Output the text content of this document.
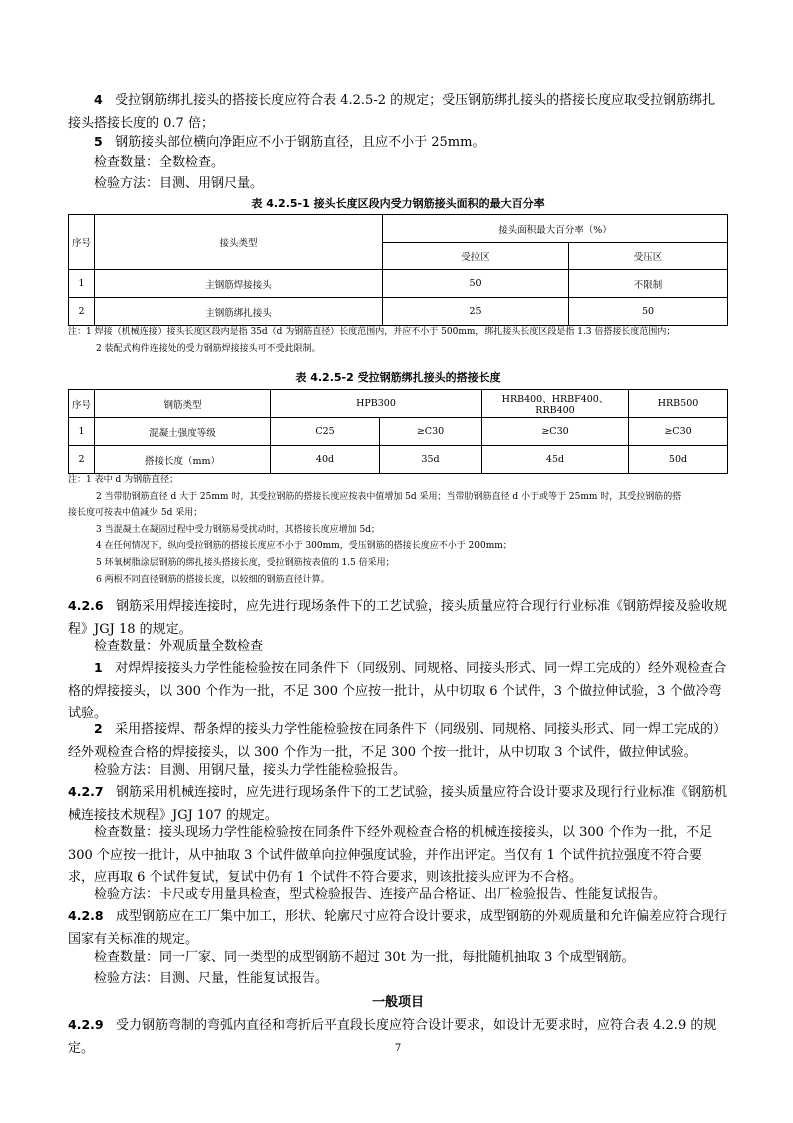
4 受拉钢筋绑扎接头的搭接长度应符合表 4.2.5-2 的规定；受压钢筋绑扎接头的搭接长度应取受拉钢筋绑扎接头搭接长度的 0.7 倍；

5 钢筋接头部位横向净距应不小于钢筋直径，且应不小于 25mm。

检查数量：全数检查。

检验方法：目测、用钢尺量。

表 4.2.5-1 接头长度区段内受力钢筋接头面积的最大百分率
序号	接头类型	接头面积最大百分率（%）	
		受拉区	受压区
1	主钢筋焊接接头	50	不限制
2	主钢筋绑扎接头	25	50
注：1 焊接（机械连接）接头长度区段内是指 35d（d 为钢筋直径）长度范围内，并应不小于 500mm，绑扎接头长度区段是指 1.3 倍搭接长度范围内；
2 装配式构件连接处的受力钢筋焊接接头可不受此限制。
表 4.2.5-2 受拉钢筋绑扎接头的搭接长度
序号	钢筋类型	HPB300		HRB400、HRBF400、RRB400	HRB500
1	混凝土强度等级	C25	≥C30	≥C30	≥C30
2	搭接长度（mm）	40d	35d	45d	50d
注：1 表中 d 为钢筋直径；
2 当带肋钢筋直径 d 大于 25mm 时，其受拉钢筋的搭接长度应按表中值增加 5d 采用；当带肋钢筋直径 d 小于或等于 25mm 时，其受拉钢筋的搭
接长度可按表中值减少 5d 采用；
3 当混凝土在凝固过程中受力钢筋易受扰动时，其搭接长度应增加 5d；
4 在任何情况下，纵向受拉钢筋的搭接长度应不小于 300mm，受压钢筋的搭接长度应不小于 200mm；
5 环氧树脂涂层钢筋的绑扎接头搭接长度，受拉钢筋按表值的 1.5 倍采用；
6 两根不同直径钢筋的搭接长度，以较细的钢筋直径计算。

4.2.6 钢筋采用焊接连接时，应先进行现场条件下的工艺试验，接头质量应符合现行行业标准《钢筋焊接及验收规程》JGJ 18 的规定。

检查数量：外观质量全数检查

1 对焊焊接接头力学性能检验按在同条件下（同级别、同规格、同接头形式、同一焊工完成的）经外观检查合格的焊接接头，以 300 个作为一批，不足 300 个应按一批计，从中切取 6 个试件，3 个做拉伸试验，3 个做冷弯试验。

2 采用搭接焊、帮条焊的接头力学性能检验按在同条件下（同级别、同规格、同接头形式、同一焊工完成的）经外观检查合格的焊接接头，以 300 个作为一批，不足 300 个按一批计，从中切取 3 个试件，做拉伸试验。

检验方法：目测、用钢尺量，接头力学性能检验报告。

4.2.7 钢筋采用机械连接时，应先进行现场条件下的工艺试验，接头质量应符合设计要求及现行行业标准《钢筋机械连接技术规程》JGJ 107 的规定。

检查数量：接头现场力学性能检验按在同条件下经外观检查合格的机械连接接头，以 300 个作为一批，不足 300 个应按一批计，从中抽取 3 个试件做单向拉伸强度试验，并作出评定。当仅有 1 个试件抗拉强度不符合要求，应再取 6 个试件复试，复试中仍有 1 个试件不符合要求，则该批接头应评为不合格。

检验方法：卡尺或专用量具检查，型式检验报告、连接产品合格证、出厂检验报告、性能复试报告。

4.2.8 成型钢筋应在工厂集中加工，形状、轮廓尺寸应符合设计要求，成型钢筋的外观质量和允许偏差应符合现行国家有关标准的规定。

检查数量：同一厂家、同一类型的成型钢筋不超过 30t 为一批，每批随机抽取 3 个成型钢筋。

检验方法：目测、尺量，性能复试报告。

一般项目

4.2.9 受力钢筋弯制的弯弧内直径和弯折后平直段长度应符合设计要求，如设计无要求时，应符合表 4.2.9 的规定。	7
